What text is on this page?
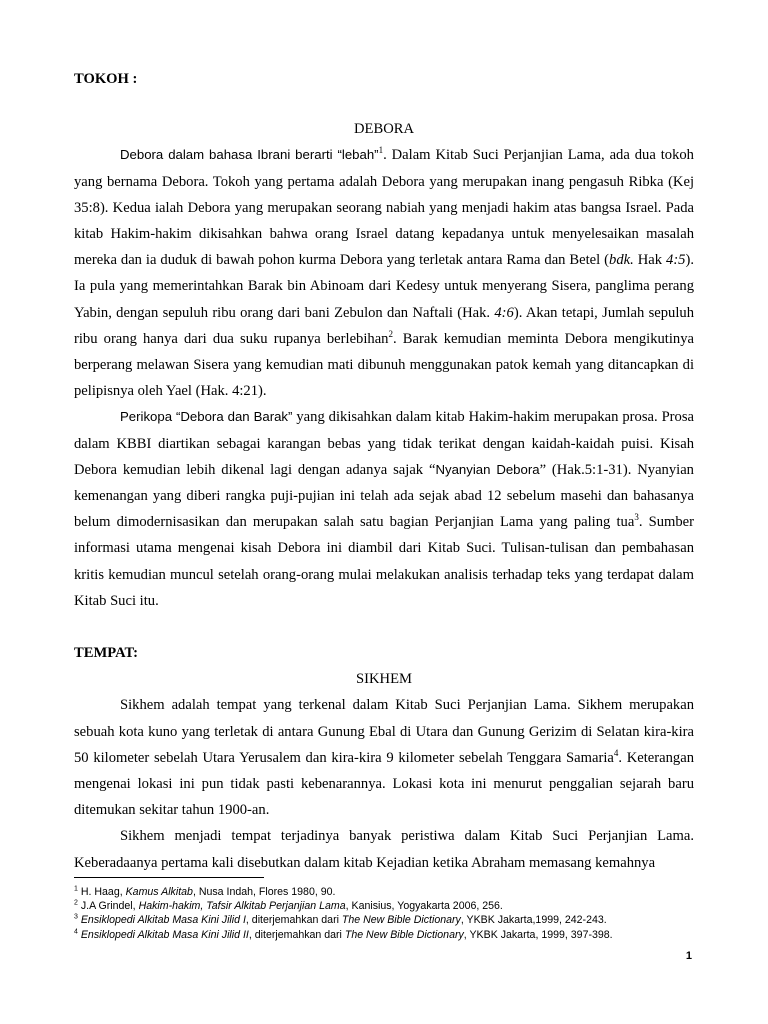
TOKOH :

DEBORA

Debora dalam bahasa Ibrani berarti “lebah”$^1$. Dalam Kitab Suci Perjanjian Lama, ada dua tokoh yang bernama Debora. Tokoh yang pertama adalah Debora yang merupakan inang pengasuh Ribka (Kej 35:8). Kedua ialah Debora yang merupakan seorang nabiah yang menjadi hakim atas bangsa Israel. Pada kitab Hakim-hakim dikisahkan bahwa orang Israel datang kepadanya untuk menyelesaikan masalah mereka dan ia duduk di bawah pohon kurma Debora yang terletak antara Rama dan Betel (bdk. Hak 4:5). Ia pula yang memerintahkan Barak bin Abinoam dari Kedesy untuk menyerang Sisera, panglima perang Yabin, dengan sepuluh ribu orang dari bani Zebulon dan Naftali (Hak. 4:6). Akan tetapi, Jumlah sepuluh ribu orang hanya dari dua suku rupanya berlebihan$^2$. Barak kemudian meminta Debora mengikutinya berperang melawan Sisera yang kemudian mati dibunuh menggunakan patok kemah yang ditancapkan di pelipisnya oleh Yael (Hak. 4:21).

Perikopa “Debora dan Barak” yang dikisahkan dalam kitab Hakim-hakim merupakan prosa. Prosa dalam KBBI diartikan sebagai karangan bebas yang tidak terikat dengan kaidah-kaidah puisi. Kisah Debora kemudian lebih dikenal lagi dengan adanya sajak “Nyanyian Debora” (Hak.5:1-31). Nyanyian kemenangan yang diberi rangka puji-pujian ini telah ada sejak abad 12 sebelum masehi dan bahasanya belum dimodernisasikan dan merupakan salah satu bagian Perjanjian Lama yang paling tua$^3$. Sumber informasi utama mengenai kisah Debora ini diambil dari Kitab Suci. Tulisan-tulisan dan pembahasan kritis kemudian muncul setelah orang-orang mulai melakukan analisis terhadap teks yang terdapat dalam Kitab Suci itu.

TEMPAT:

SIKHEM

Sikhem adalah tempat yang terkenal dalam Kitab Suci Perjanjian Lama. Sikhem merupakan sebuah kota kuno yang terletak di antara Gunung Ebal di Utara dan Gunung Gerizim di Selatan kira-kira 50 kilometer sebelah Utara Yerusalem dan kira-kira 9 kilometer sebelah Tenggara Samaria$^4$. Keterangan mengenai lokasi ini pun tidak pasti kebenarannya. Lokasi kota ini menurut penggalian sejarah baru ditemukan sekitar tahun 1900-an.

Sikhem menjadi tempat terjadinya banyak peristiwa dalam Kitab Suci Perjanjian Lama. Keberadaanya pertama kali disebutkan dalam kitab Kejadian ketika Abraham memasang kemahnya

$^1$ H. Haag, Kamus Alkitab, Nusa Indah, Flores 1980, 90.

$^2$ J.A Grindel, Hakim-hakim, Tafsir Alkitab Perjanjian Lama, Kanisius, Yogyakarta 2006, 256.

$^3$ Ensiklopedi Alkitab Masa Kini Jilid I, diterjemahkan dari The New Bible Dictionary, YKBK Jakarta,1999, 242-243.

$^4$ Ensiklopedi Alkitab Masa Kini Jilid II, diterjemahkan dari The New Bible Dictionary, YKBK Jakarta, 1999, 397-398.

1
